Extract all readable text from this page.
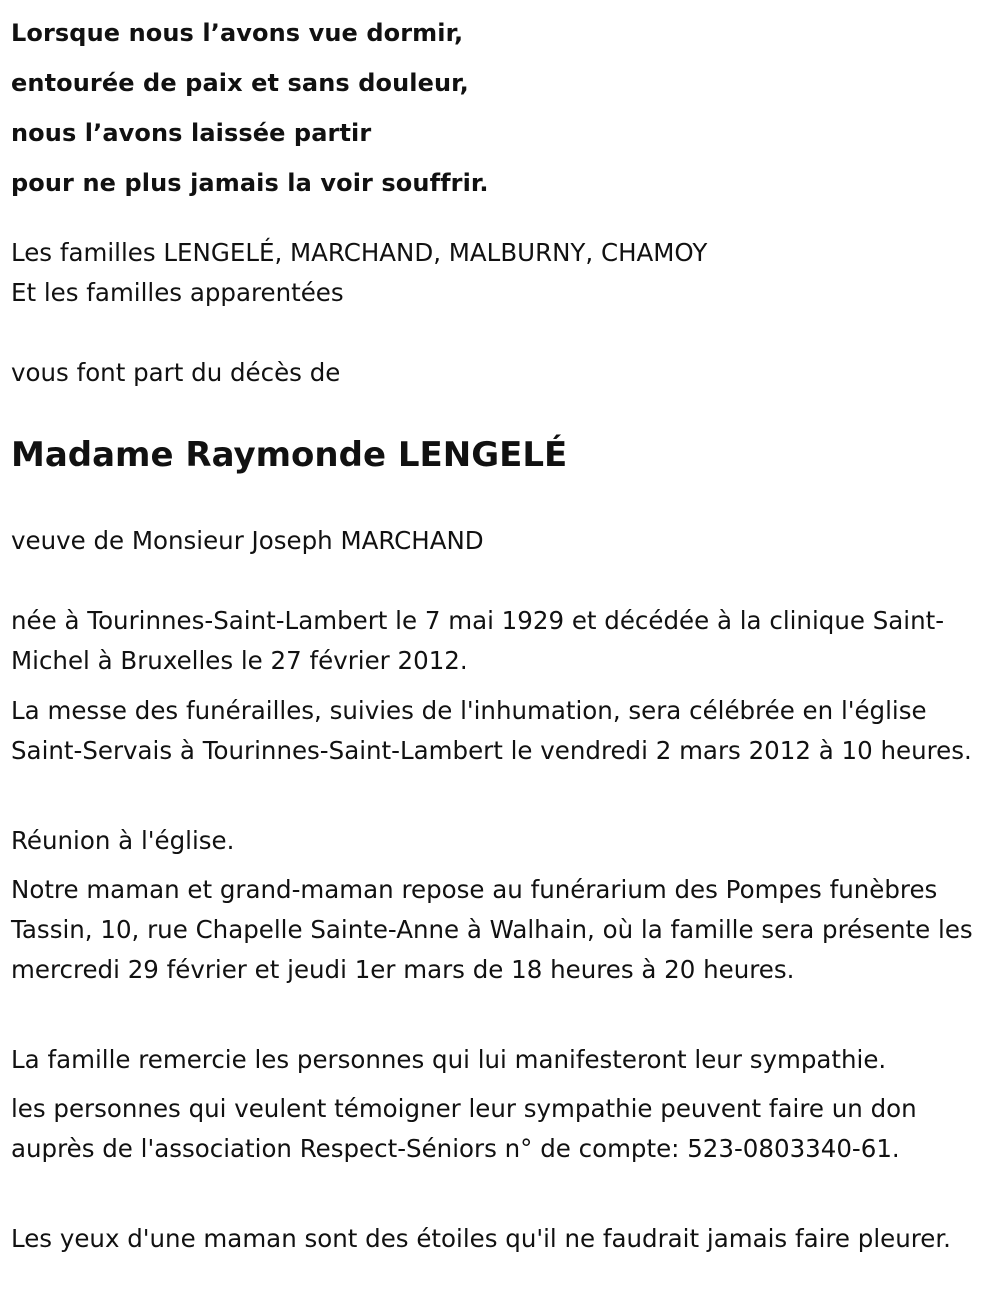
Lorsque nous l’avons vue dormir,
entourée de paix et sans douleur,
nous l’avons laissée partir
pour ne plus jamais la voir souffrir.
Les familles LENGELÉ, MARCHAND, MALBURNY, CHAMOY
Et les familles apparentées
vous font part du décès de
Madame Raymonde LENGELÉ
veuve de Monsieur Joseph MARCHAND
née à Tourinnes-Saint-Lambert le 7 mai 1929 et décédée à la clinique Saint-Michel à Bruxelles le 27 février 2012.
La messe des funérailles, suivies de l'inhumation, sera célébrée en l'église Saint-Servais à Tourinnes-Saint-Lambert le vendredi 2 mars 2012 à 10 heures.
Réunion à l'église.
Notre maman et grand-maman repose au funérarium des Pompes funèbres Tassin, 10, rue Chapelle Sainte-Anne à Walhain, où la famille sera présente les mercredi 29 février et jeudi 1er mars de 18 heures à 20 heures.
La famille remercie les personnes qui lui manifesteront leur sympathie.
les personnes qui veulent témoigner leur sympathie peuvent faire un don auprès de l'association Respect-Séniors n° de compte: 523-0803340-61.
Les yeux d'une maman sont des étoiles qu'il ne faudrait jamais faire pleurer.
